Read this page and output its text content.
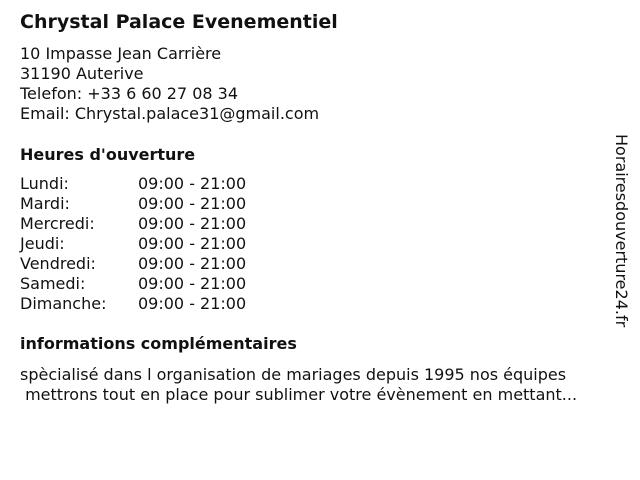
Chrystal Palace Evenementiel
10 Impasse Jean Carrière
31190 Auterive
Telefon: +33 6 60 27 08 34
Email: Chrystal.palace31@gmail.com
Heures d'ouverture
Lundi:	09:00 - 21:00
Mardi:	09:00 - 21:00
Mercredi:	09:00 - 21:00
Jeudi:	09:00 - 21:00
Vendredi:	09:00 - 21:00
Samedi:	09:00 - 21:00
Dimanche: 09:00 - 21:00
informations complémentaires
spècialisé dans l organisation de mariages depuis 1995 nos équipes
mettrons tout en place pour sublimer votre évènement en mettant...
Horairesdouverture24.fr
